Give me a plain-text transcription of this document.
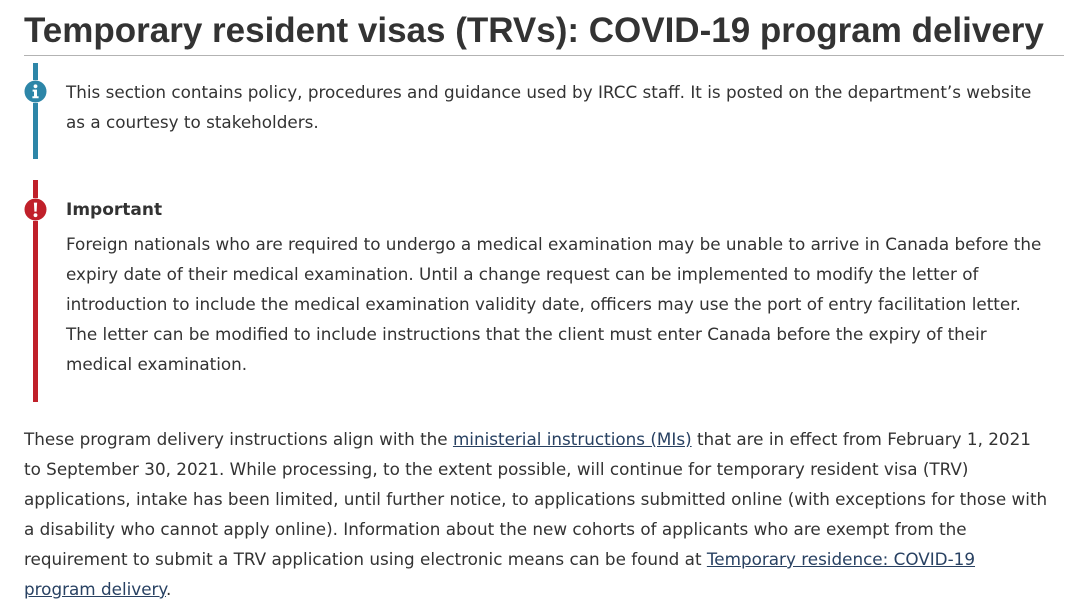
Temporary resident visas (TRVs): COVID-19 program delivery

This section contains policy, procedures and guidance used by IRCC staff. It is posted on the department’s website
as a courtesy to stakeholders.

Important

Foreign nationals who are required to undergo a medical examination may be unable to arrive in Canada before the
expiry date of their medical examination. Until a change request can be implemented to modify the letter of
introduction to include the medical examination validity date, officers may use the port of entry facilitation letter.
The letter can be modified to include instructions that the client must enter Canada before the expiry of their
medical examination.

These program delivery instructions align with the ministerial instructions (MIs) that are in effect from February 1, 2021
to September 30, 2021. While processing, to the extent possible, will continue for temporary resident visa (TRV)
applications, intake has been limited, until further notice, to applications submitted online (with exceptions for those with
a disability who cannot apply online). Information about the new cohorts of applicants who are exempt from the
requirement to submit a TRV application using electronic means can be found at Temporary residence: COVID-19
program delivery.
